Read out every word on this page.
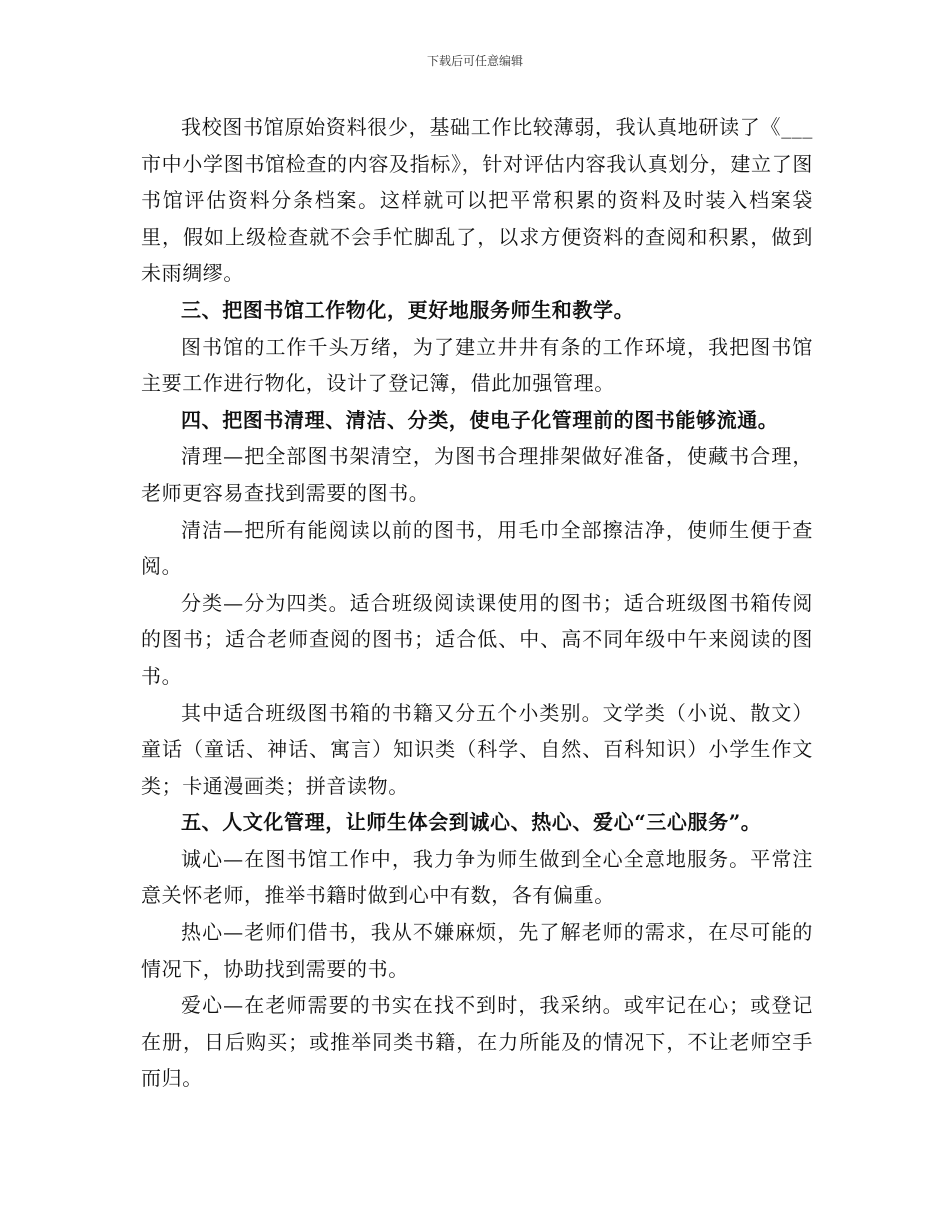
下载后可任意编辑

我校图书馆原始资料很少，基础工作比较薄弱，我认真地研读了《___市中小学图书馆检查的内容及指标》，针对评估内容我认真划分，建立了图书馆评估资料分条档案。这样就可以把平常积累的资料及时装入档案袋里，假如上级检查就不会手忙脚乱了，以求方便资料的查阅和积累，做到未雨绸缪。

三、把图书馆工作物化，更好地服务师生和教学。

图书馆的工作千头万绪，为了建立井井有条的工作环境，我把图书馆主要工作进行物化，设计了登记簿，借此加强管理。

四、把图书清理、清洁、分类，使电子化管理前的图书能够流通。

清理—把全部图书架清空，为图书合理排架做好准备，使藏书合理，老师更容易查找到需要的图书。

清洁—把所有能阅读以前的图书，用毛巾全部擦洁净，使师生便于查阅。

分类—分为四类。适合班级阅读课使用的图书；适合班级图书箱传阅的图书；适合老师查阅的图书；适合低、中、高不同年级中午来阅读的图书。

其中适合班级图书箱的书籍又分五个小类别。文学类（小说、散文）童话（童话、神话、寓言）知识类（科学、自然、百科知识）小学生作文类；卡通漫画类；拼音读物。

五、人文化管理，让师生体会到诚心、热心、爱心“三心服务”。

诚心—在图书馆工作中，我力争为师生做到全心全意地服务。平常注意关怀老师，推举书籍时做到心中有数，各有偏重。

热心—老师们借书，我从不嫌麻烦，先了解老师的需求，在尽可能的情况下，协助找到需要的书。

爱心—在老师需要的书实在找不到时，我采纳。或牢记在心；或登记在册，日后购买；或推举同类书籍，在力所能及的情况下，不让老师空手而归。
